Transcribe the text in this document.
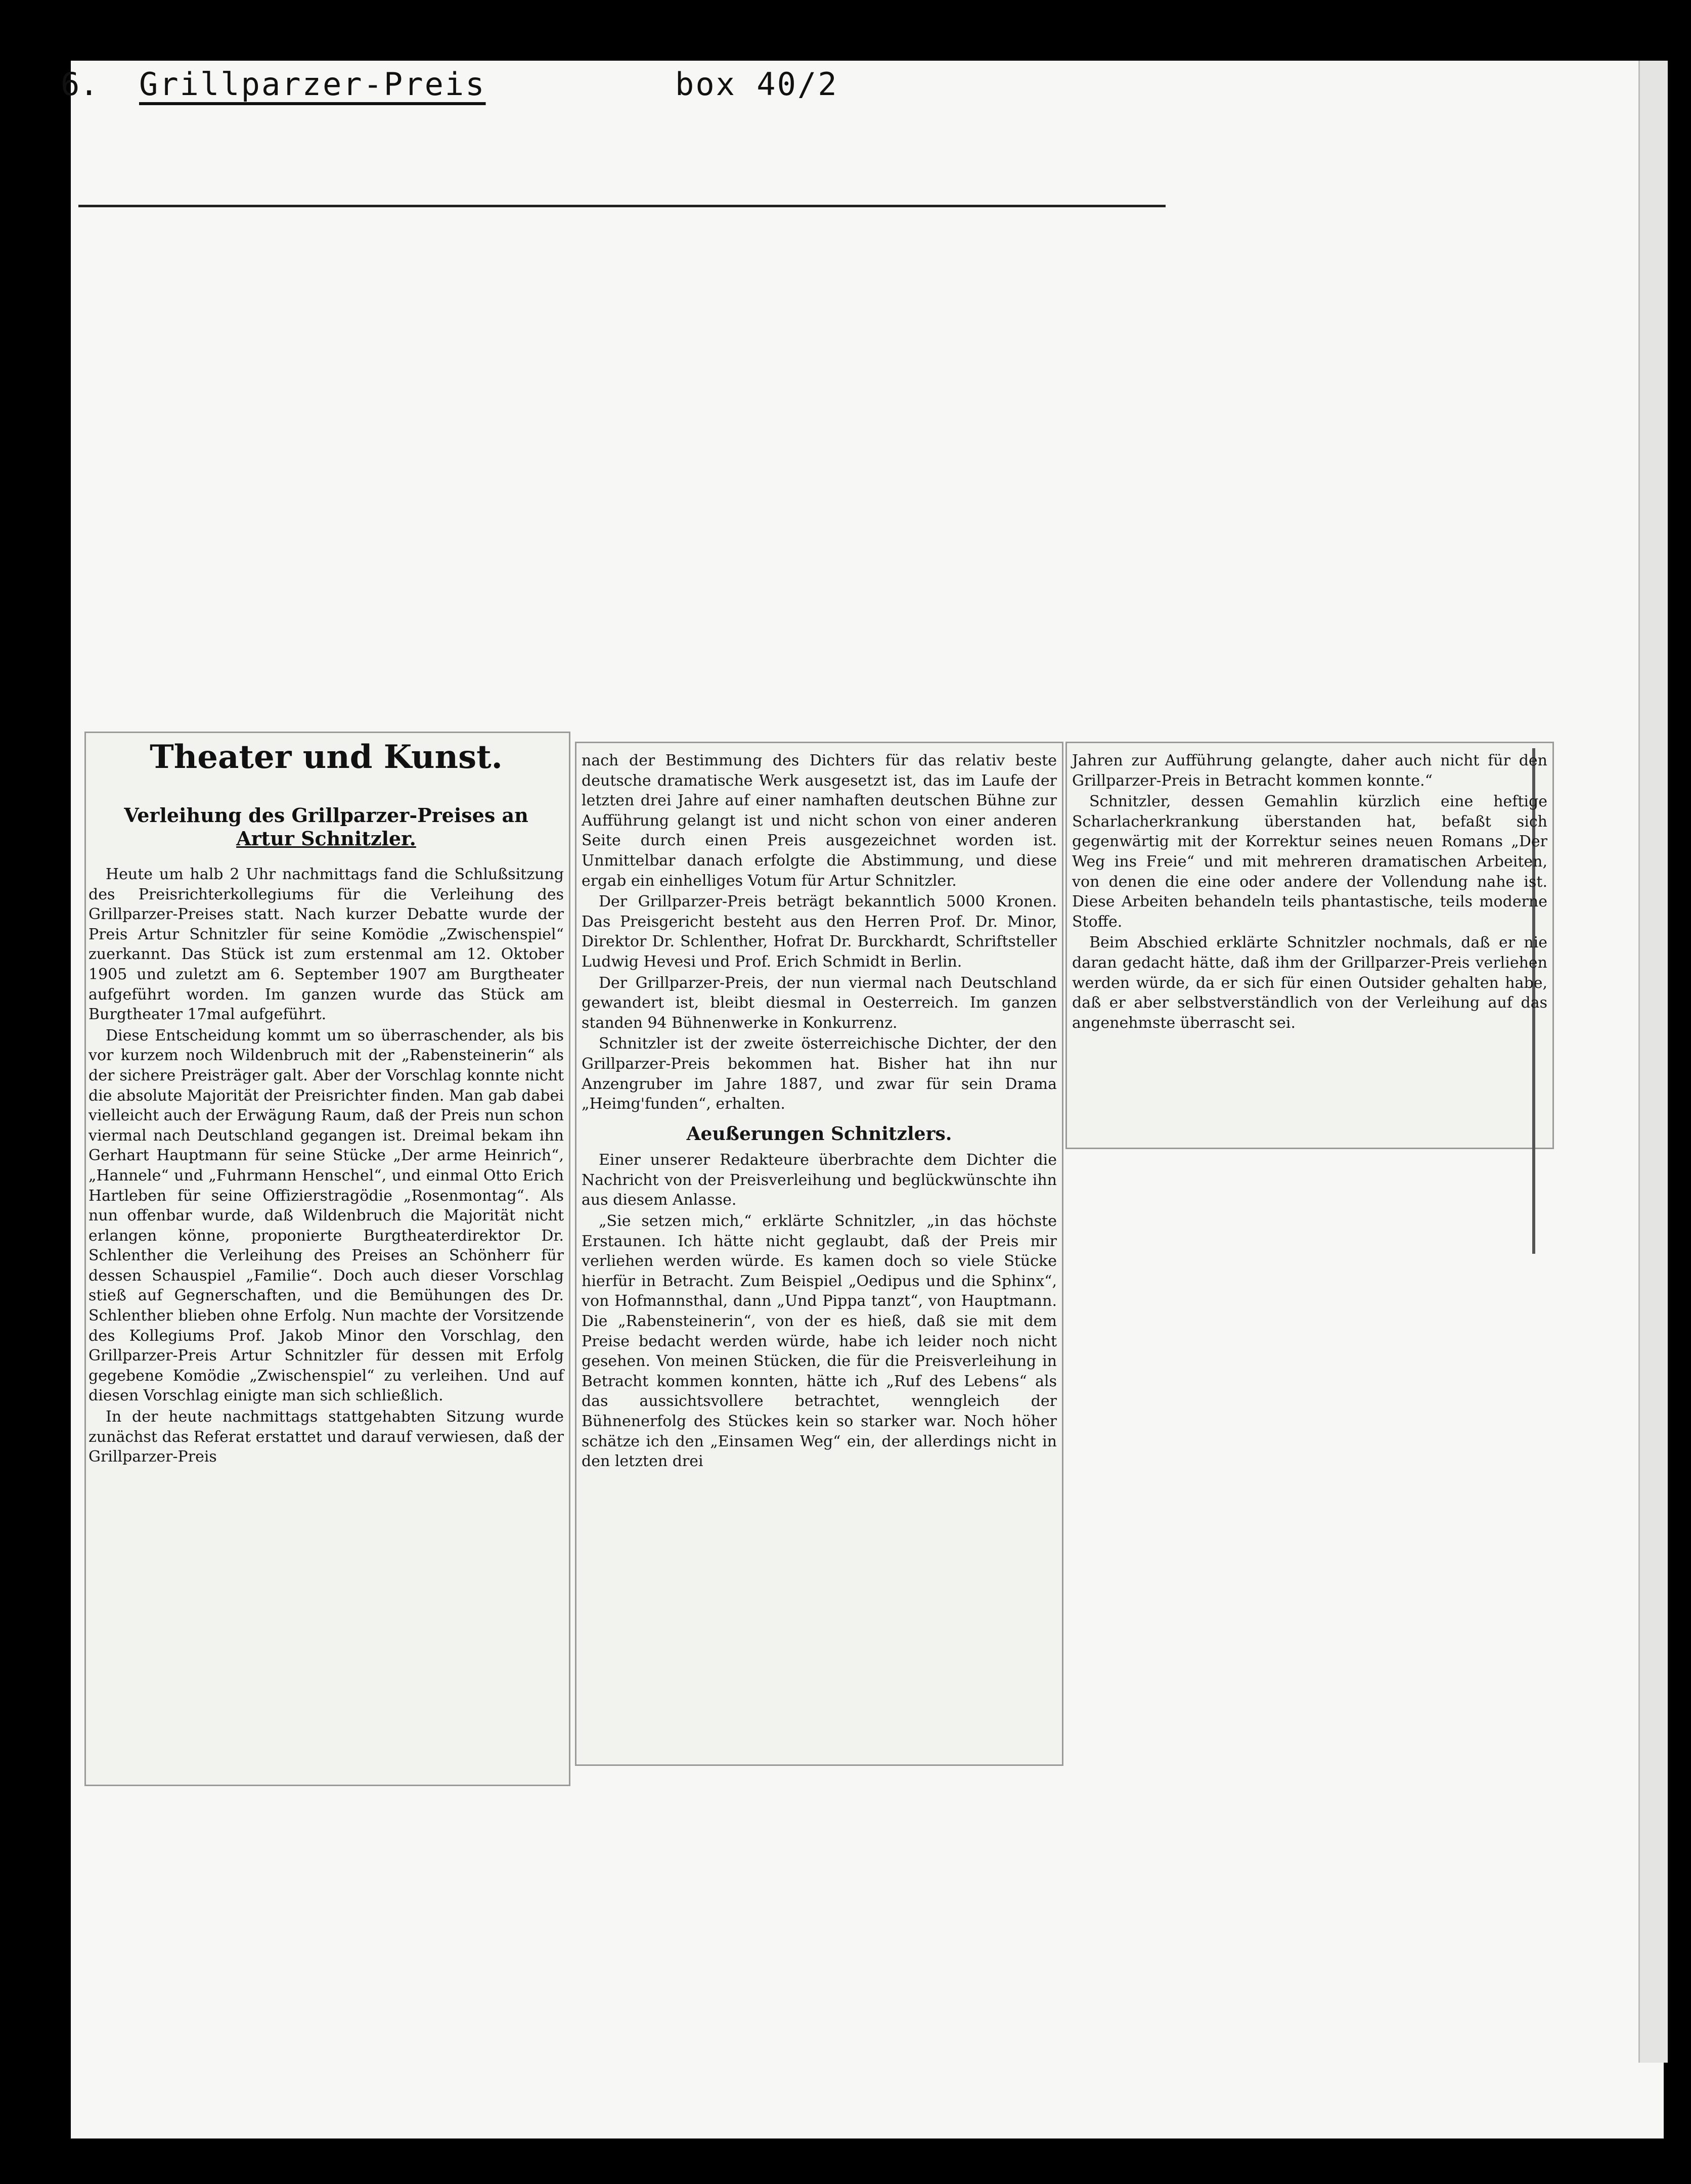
6. Grillparzer-Preis	box 40/2
Theater und Kunst.
Verleihung des Grillparzer-Preises an
Artur Schnitzler.

Heute um halb 2 Uhr nachmittags fand die Schlußsitzung des Preisrichterkollegiums für die Verleihung des Grillparzer-Preises statt. Nach kurzer Debatte wurde der Preis Artur Schnitzler für seine Komödie „Zwischenspiel“ zuerkannt. Das Stück ist zum erstenmal am 12. Oktober 1905 und zuletzt am 6. September 1907 am Burgtheater aufgeführt worden. Im ganzen wurde das Stück am Burgtheater 17mal aufgeführt.

Diese Entscheidung kommt um so überraschender, als bis vor kurzem noch Wildenbruch mit der „Rabensteinerin“ als der sichere Preisträger galt. Aber der Vorschlag konnte nicht die absolute Majorität der Preisrichter finden. Man gab dabei vielleicht auch der Erwägung Raum, daß der Preis nun schon viermal nach Deutschland gegangen ist. Dreimal bekam ihn Gerhart Hauptmann für seine Stücke „Der arme Heinrich“, „Hannele“ und „Fuhrmann Henschel“, und einmal Otto Erich Hartleben für seine Offizierstragödie „Rosenmontag“. Als nun offenbar wurde, daß Wildenbruch die Majorität nicht erlangen könne, proponierte Burgtheaterdirektor Dr. Schlenther die Verleihung des Preises an Schönherr für dessen Schauspiel „Familie“. Doch auch dieser Vorschlag stieß auf Gegnerschaften, und die Bemühungen des Dr. Schlenther blieben ohne Erfolg. Nun machte der Vorsitzende des Kollegiums Prof. Jakob Minor den Vorschlag, den Grillparzer-Preis Artur Schnitzler für dessen mit Erfolg gegebene Komödie „Zwischenspiel“ zu verleihen. Und auf diesen Vorschlag einigte man sich schließlich.

In der heute nachmittags stattgehabten Sitzung wurde zunächst das Referat erstattet und darauf verwiesen, daß der Grillparzer-Preis

nach der Bestimmung des Dichters für das relativ beste deutsche dramatische Werk ausgesetzt ist, das im Laufe der letzten drei Jahre auf einer namhaften deutschen Bühne zur Aufführung gelangt ist und nicht schon von einer anderen Seite durch einen Preis ausgezeichnet worden ist. Unmittelbar danach erfolgte die Abstimmung, und diese ergab ein einhelliges Votum für Artur Schnitzler.

Der Grillparzer-Preis beträgt bekanntlich 5000 Kronen. Das Preisgericht besteht aus den Herren Prof. Dr. Minor, Direktor Dr. Schlenther, Hofrat Dr. Burckhardt, Schriftsteller Ludwig Hevesi und Prof. Erich Schmidt in Berlin.

Der Grillparzer-Preis, der nun viermal nach Deutschland gewandert ist, bleibt diesmal in Oesterreich. Im ganzen standen 94 Bühnenwerke in Konkurrenz.

Schnitzler ist der zweite österreichische Dichter, der den Grillparzer-Preis bekommen hat. Bisher hat ihn nur Anzengruber im Jahre 1887, und zwar für sein Drama „Heimg'funden“, erhalten.

Aeußerungen Schnitzlers.

Einer unserer Redakteure überbrachte dem Dichter die Nachricht von der Preisverleihung und beglückwünschte ihn aus diesem Anlasse.

„Sie setzen mich,“ erklärte Schnitzler, „in das höchste Erstaunen. Ich hätte nicht geglaubt, daß der Preis mir verliehen werden würde. Es kamen doch so viele Stücke hierfür in Betracht. Zum Beispiel „Oedipus und die Sphinx“, von Hofmannsthal, dann „Und Pippa tanzt“, von Hauptmann. Die „Rabensteinerin“, von der es hieß, daß sie mit dem Preise bedacht werden würde, habe ich leider noch nicht gesehen. Von meinen Stücken, die für die Preisverleihung in Betracht kommen konnten, hätte ich „Ruf des Lebens“ als das aussichtsvollere betrachtet, wenngleich der Bühnenerfolg des Stückes kein so starker war. Noch höher schätze ich den „Einsamen Weg“ ein, der allerdings nicht in den letzten drei

Jahren zur Aufführung gelangte, daher auch nicht für den Grillparzer-Preis in Betracht kommen konnte.“

Schnitzler, dessen Gemahlin kürzlich eine heftige Scharlacherkrankung überstanden hat, befaßt sich gegenwärtig mit der Korrektur seines neuen Romans „Der Weg ins Freie“ und mit mehreren dramatischen Arbeiten, von denen die eine oder andere der Vollendung nahe ist. Diese Arbeiten behandeln teils phantastische, teils moderne Stoffe.

Beim Abschied erklärte Schnitzler nochmals, daß er nie daran gedacht hätte, daß ihm der Grillparzer-Preis verliehen werden würde, da er sich für einen Outsider gehalten habe, daß er aber selbstverständlich von der Verleihung auf das angenehmste überrascht sei.
